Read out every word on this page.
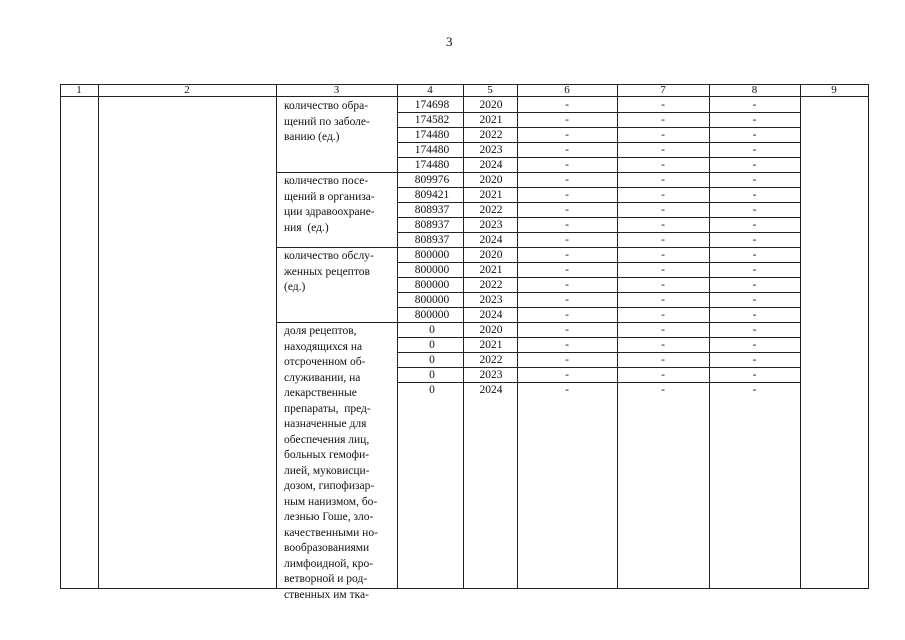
3
1	2	3	4	5	6	7	8	9
количество обра-
щений по заболе-
ванию (ед.)
174698	2020	-	-	-
174582	2021	-	-	-
174480	2022	-	-	-
174480	2023	-	-	-
174480	2024	-	-	-
количество посе-
щений в организа-
ции здравоохране-
ния  (ед.)
809976	2020	-	-	-
809421	2021	-	-	-
808937	2022	-	-	-
808937	2023	-	-	-
808937	2024	-	-	-
количество обслу-
женных рецептов
(ед.)
800000	2020	-	-	-
800000	2021	-	-	-
800000	2022	-	-	-
800000	2023	-	-	-
800000	2024	-	-	-
доля рецептов,
находящихся на
отсроченном об-
служивании, на
лекарственные
препараты,  пред-
назначенные для
обеспечения лиц,
больных гемофи-
лией, муковисци-
дозом, гипофизар-
ным нанизмом, бо-
лезнью Гоше, зло-
качественными но-
вообразованиями
лимфоидной, кро-
ветворной и род-
ственных им тка-
0	2020	-	-	-
0	2021	-	-	-
0	2022	-	-	-
0	2023	-	-	-
0	2024	-	-	-
